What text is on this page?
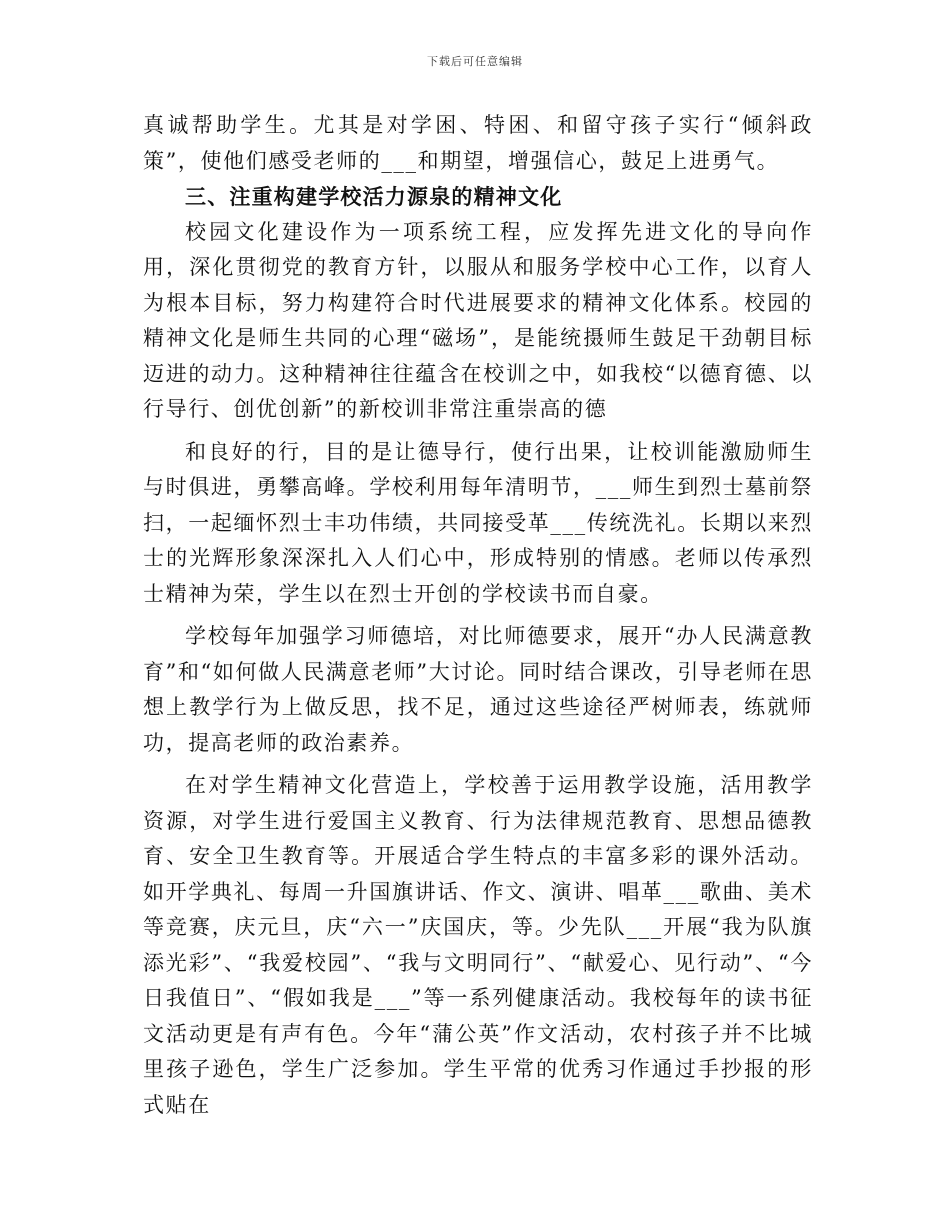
下载后可任意编辑

真诚帮助学生。尤其是对学困、特困、和留守孩子实行“倾斜政策”，使他们感受老师的___和期望，增强信心，鼓足上进勇气。

三、注重构建学校活力源泉的精神文化

校园文化建设作为一项系统工程，应发挥先进文化的导向作用，深化贯彻党的教育方针，以服从和服务学校中心工作，以育人为根本目标，努力构建符合时代进展要求的精神文化体系。校园的精神文化是师生共同的心理“磁场”，是能统摄师生鼓足干劲朝目标迈进的动力。这种精神往往蕴含在校训之中，如我校“以德育德、以行导行、创优创新”的新校训非常注重崇高的德

和良好的行，目的是让德导行，使行出果，让校训能激励师生与时俱进，勇攀高峰。学校利用每年清明节，___师生到烈士墓前祭扫，一起缅怀烈士丰功伟绩，共同接受革___传统洗礼。长期以来烈士的光辉形象深深扎入人们心中，形成特别的情感。老师以传承烈士精神为荣，学生以在烈士开创的学校读书而自豪。

学校每年加强学习师德培，对比师德要求，展开“办人民满意教育”和“如何做人民满意老师”大讨论。同时结合课改，引导老师在思想上教学行为上做反思，找不足，通过这些途径严树师表，练就师功，提高老师的政治素养。

在对学生精神文化营造上，学校善于运用教学设施，活用教学资源，对学生进行爱国主义教育、行为法律规范教育、思想品德教育、安全卫生教育等。开展适合学生特点的丰富多彩的课外活动。如开学典礼、每周一升国旗讲话、作文、演讲、唱革___歌曲、美术等竞赛，庆元旦，庆“六一”庆国庆，等。少先队___开展“我为队旗添光彩”、“我爱校园”、“我与文明同行”、“献爱心、见行动”、“今日我值日”、“假如我是___”等一系列健康活动。我校每年的读书征文活动更是有声有色。今年“蒲公英”作文活动，农村孩子并不比城里孩子逊色，学生广泛参加。学生平常的优秀习作通过手抄报的形式贴在
